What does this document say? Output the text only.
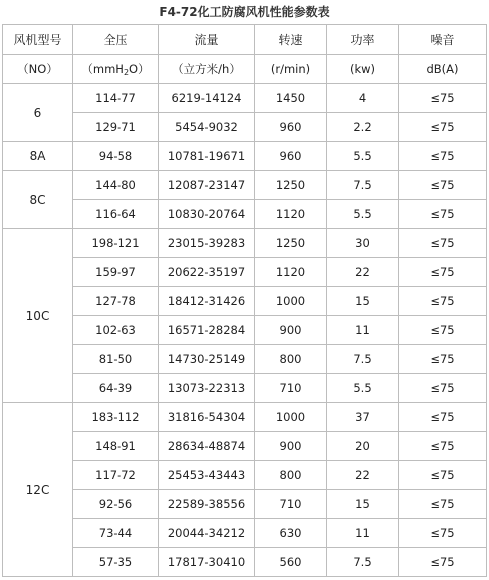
F4-72化工防腐风机性能参数表
风机型号	全压	流量	转速	功率	噪音
（NO）	（mmH$_2$O）	（立方米/h）	(r/min)	(kw)	dB(A)
6	114-77	6219-14124	1450	4	≤75
	129-71	5454-9032	960	2.2	≤75
8A	94-58	10781-19671	960	5.5	≤75
8C	144-80	12087-23147	1250	7.5	≤75
	116-64	10830-20764	1120	5.5	≤75
10C	198-121	23015-39283	1250	30	≤75
	159-97	20622-35197	1120	22	≤75
	127-78	18412-31426	1000	15	≤75
	102-63	16571-28284	900	11	≤75
	81-50	14730-25149	800	7.5	≤75
	64-39	13073-22313	710	5.5	≤75
12C	183-112	31816-54304	1000	37	≤75
	148-91	28634-48874	900	20	≤75
	117-72	25453-43443	800	22	≤75
	92-56	22589-38556	710	15	≤75
	73-44	20044-34212	630	11	≤75
	57-35	17817-30410	560	7.5	≤75
